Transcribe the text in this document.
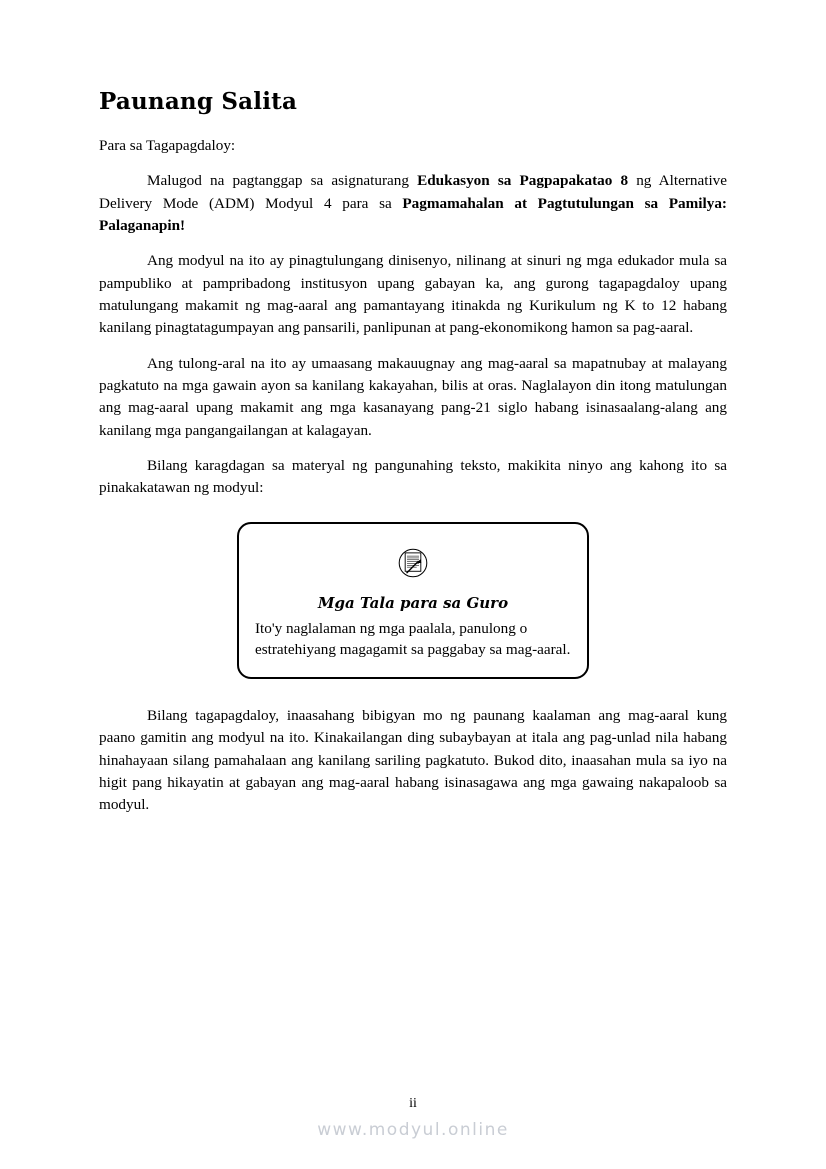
Paunang Salita

Para sa Tagapagdaloy:

Malugod na pagtanggap sa asignaturang Edukasyon sa Pagpapakatao 8 ng Alternative Delivery Mode (ADM) Modyul 4 para sa Pagmamahalan at Pagtutulungan sa Pamilya: Palaganapin!

Ang modyul na ito ay pinagtulungang dinisenyo, nilinang at sinuri ng mga edukador mula sa pampubliko at pampribadong institusyon upang gabayan ka, ang gurong tagapagdaloy upang matulungang makamit ng mag-aaral ang pamantayang itinakda ng Kurikulum ng K to 12 habang kanilang pinagtatagumpayan ang pansarili, panlipunan at pang-ekonomikong hamon sa pag-aaral.

Ang tulong-aral na ito ay umaasang makauugnay ang mag-aaral sa mapatnubay at malayang pagkatuto na mga gawain ayon sa kanilang kakayahan, bilis at oras. Naglalayon din itong matulungan ang mag-aaral upang makamit ang mga kasanayang pang-21 siglo habang isinasaalang-alang ang kanilang mga pangangailangan at kalagayan.

Bilang karagdagan sa materyal ng pangunahing teksto, makikita ninyo ang kahong ito sa pinakakatawan ng modyul:

Mga Tala para sa Guro

Ito'y naglalaman ng mga paalala, panulong o estratehiyang magagamit sa paggabay sa mag-aaral.

Bilang tagapagdaloy, inaasahang bibigyan mo ng paunang kaalaman ang mag-aaral kung paano gamitin ang modyul na ito. Kinakailangan ding subaybayan at itala ang pag-unlad nila habang hinahayaan silang pamahalaan ang kanilang sariling pagkatuto. Bukod dito, inaasahan mula sa iyo na higit pang hikayatin at gabayan ang mag-aaral habang isinasagawa ang mga gawaing nakapaloob sa modyul.

ii
www.modyul.online
